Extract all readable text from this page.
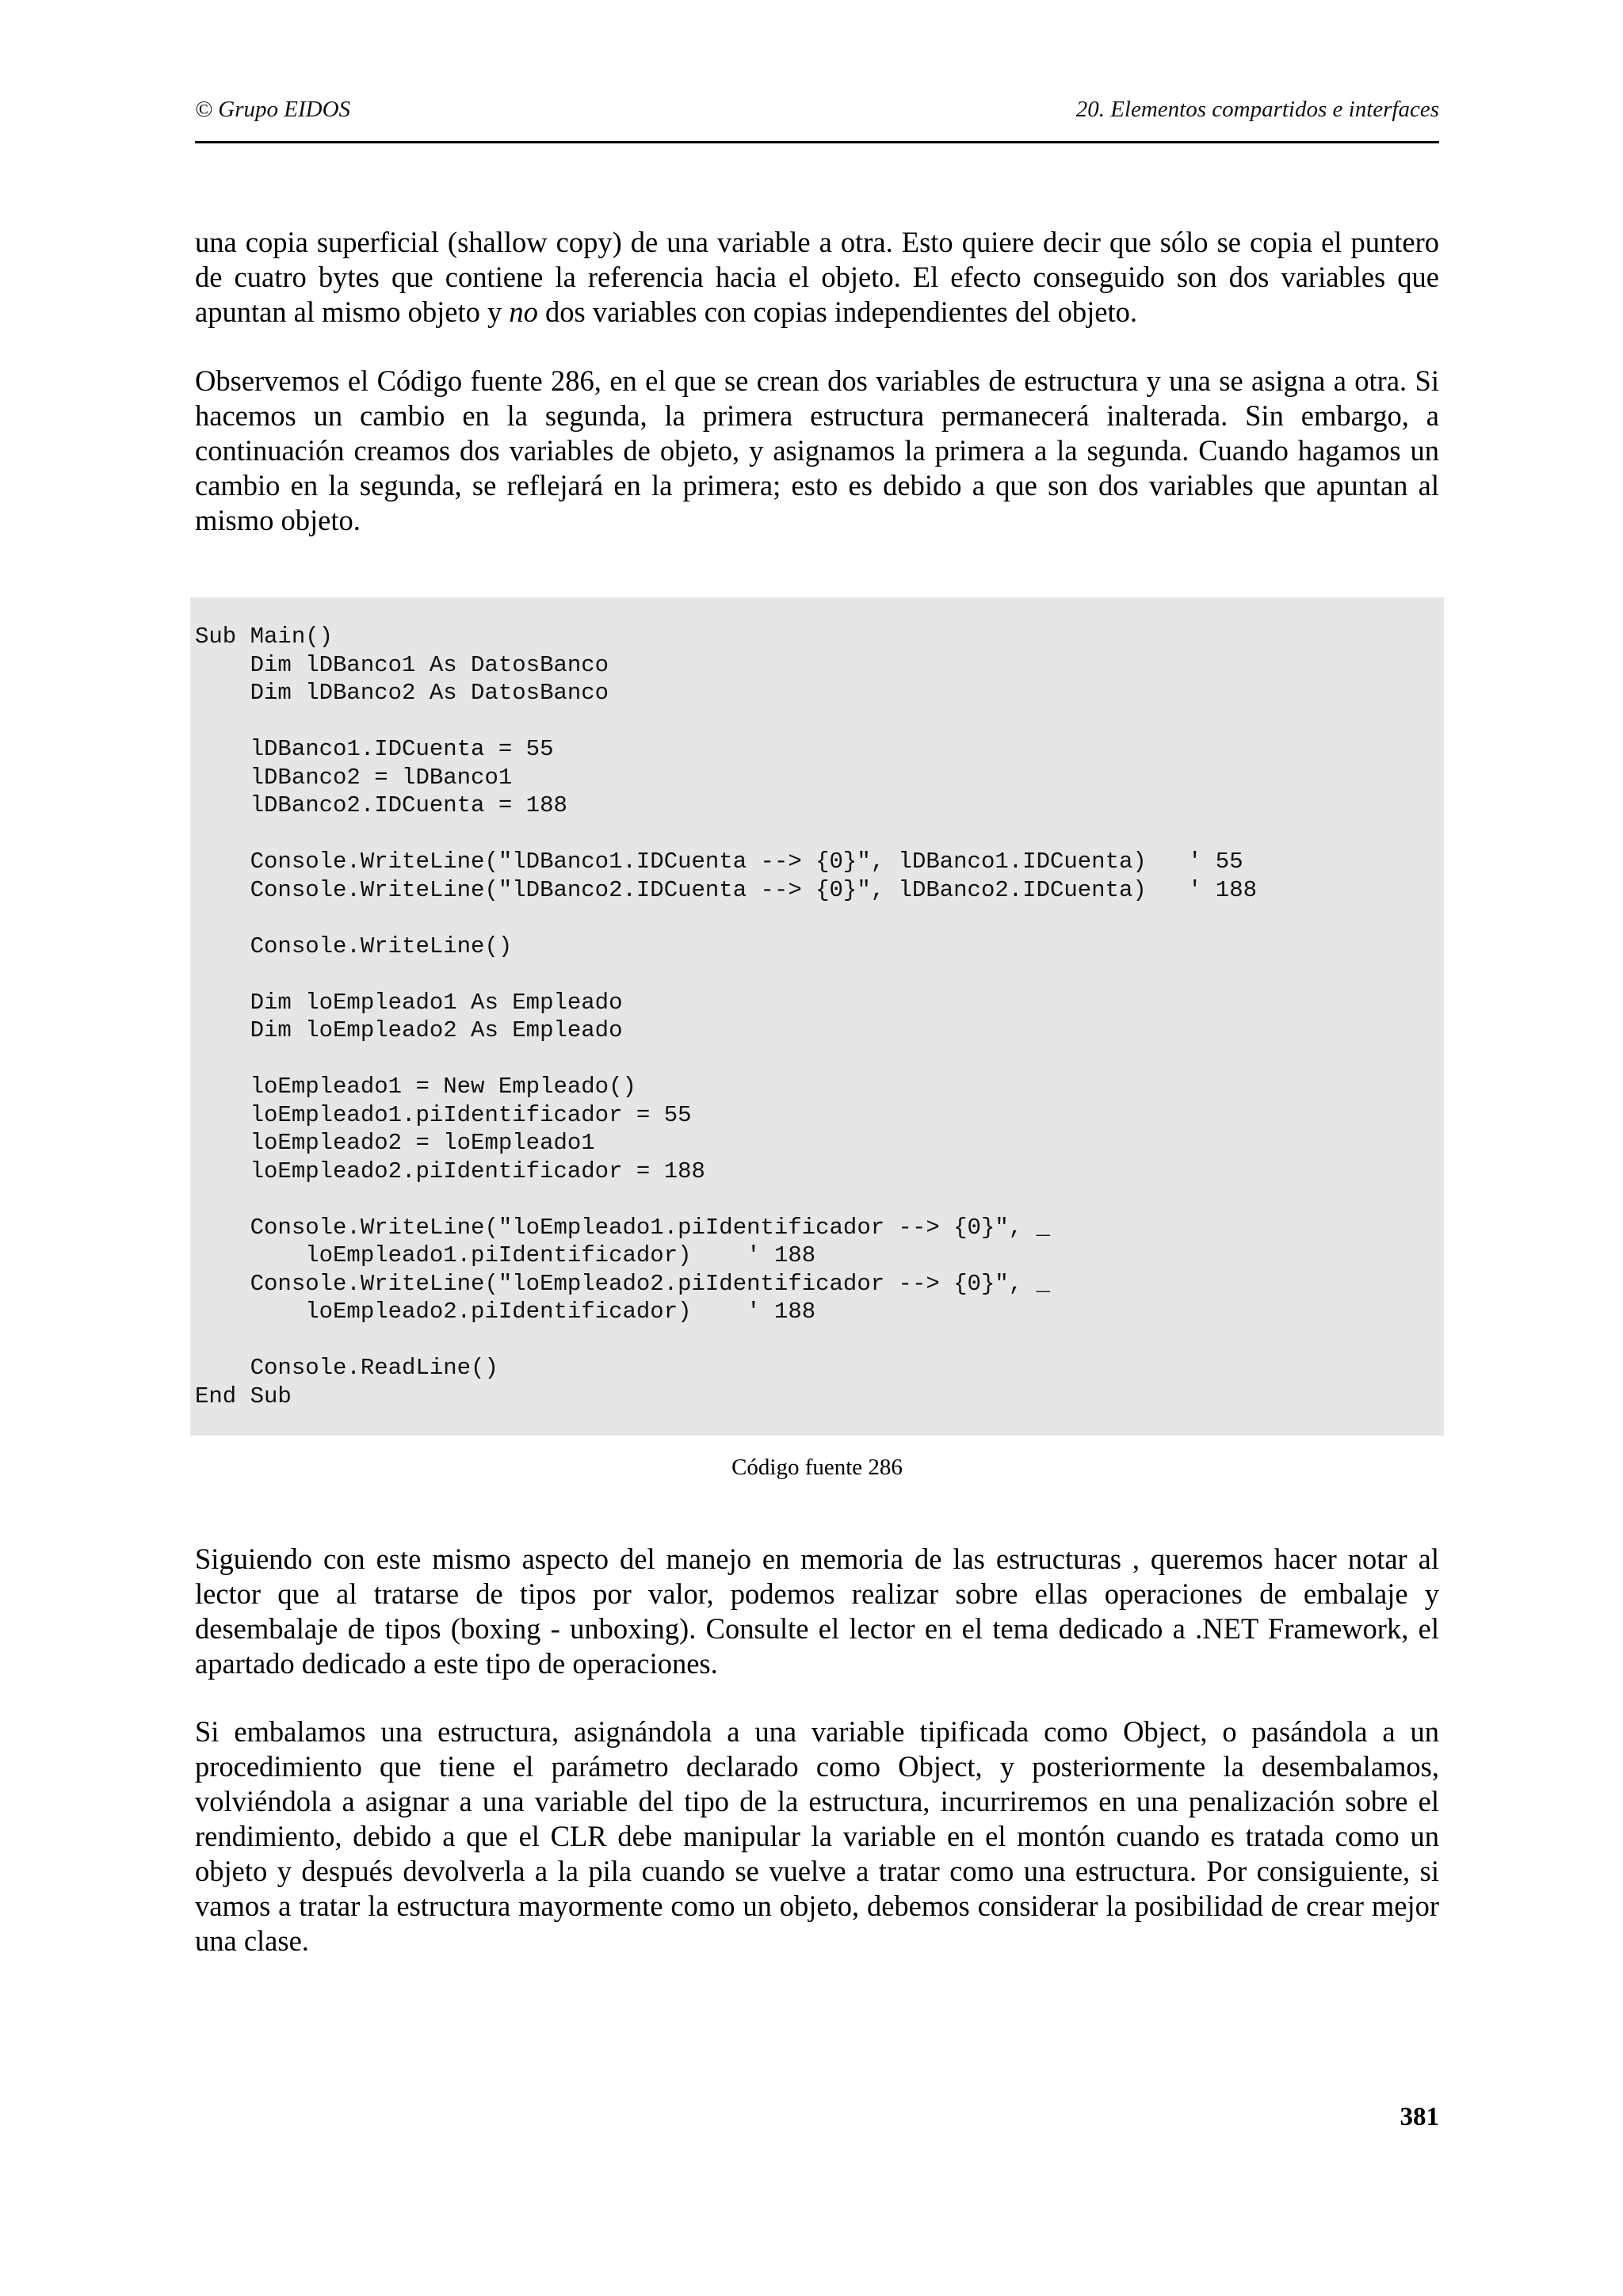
© Grupo EIDOS	20. Elementos compartidos e interfaces

una copia superficial (shallow copy) de una variable a otra. Esto quiere decir que sólo se copia el puntero de cuatro bytes que contiene la referencia hacia el objeto. El efecto conseguido son dos variables que apuntan al mismo objeto y no dos variables con copias independientes del objeto.

Observemos el Código fuente 286, en el que se crean dos variables de estructura y una se asigna a otra. Si hacemos un cambio en la segunda, la primera estructura permanecerá inalterada. Sin embargo, a continuación creamos dos variables de objeto, y asignamos la primera a la segunda. Cuando hagamos un cambio en la segunda, se reflejará en la primera; esto es debido a que son dos variables que apuntan al mismo objeto.

Sub Main()
Dim lDBanco1 As DatosBanco
Dim lDBanco2 As DatosBanco

lDBanco1.IDCuenta = 55
lDBanco2 = lDBanco1
lDBanco2.IDCuenta = 188

Console.WriteLine("lDBanco1.IDCuenta --> {0}", lDBanco1.IDCuenta)   ' 55
Console.WriteLine("lDBanco2.IDCuenta --> {0}", lDBanco2.IDCuenta)   ' 188

Console.WriteLine()

Dim loEmpleado1 As Empleado
Dim loEmpleado2 As Empleado

loEmpleado1 = New Empleado()
loEmpleado1.piIdentificador = 55
loEmpleado2 = loEmpleado1
loEmpleado2.piIdentificador = 188

Console.WriteLine("loEmpleado1.piIdentificador --> {0}", _
loEmpleado1.piIdentificador)    ' 188
Console.WriteLine("loEmpleado2.piIdentificador --> {0}", _
loEmpleado2.piIdentificador)    ' 188

Console.ReadLine()
End Sub
Código fuente 286

Siguiendo con este mismo aspecto del manejo en memoria de las estructuras , queremos hacer notar al lector que al tratarse de tipos por valor, podemos realizar sobre ellas operaciones de embalaje y desembalaje de tipos (boxing - unboxing). Consulte el lector en el tema dedicado a .NET Framework, el apartado dedicado a este tipo de operaciones.

Si embalamos una estructura, asignándola a una variable tipificada como Object, o pasándola a un procedimiento que tiene el parámetro declarado como Object, y posteriormente la desembalamos, volviéndola a asignar a una variable del tipo de la estructura, incurriremos en una penalización sobre el rendimiento, debido a que el CLR debe manipular la variable en el montón cuando es tratada como un objeto y después devolverla a la pila cuando se vuelve a tratar como una estructura. Por consiguiente, si vamos a tratar la estructura mayormente como un objeto, debemos considerar la posibilidad de crear mejor una clase.

381
